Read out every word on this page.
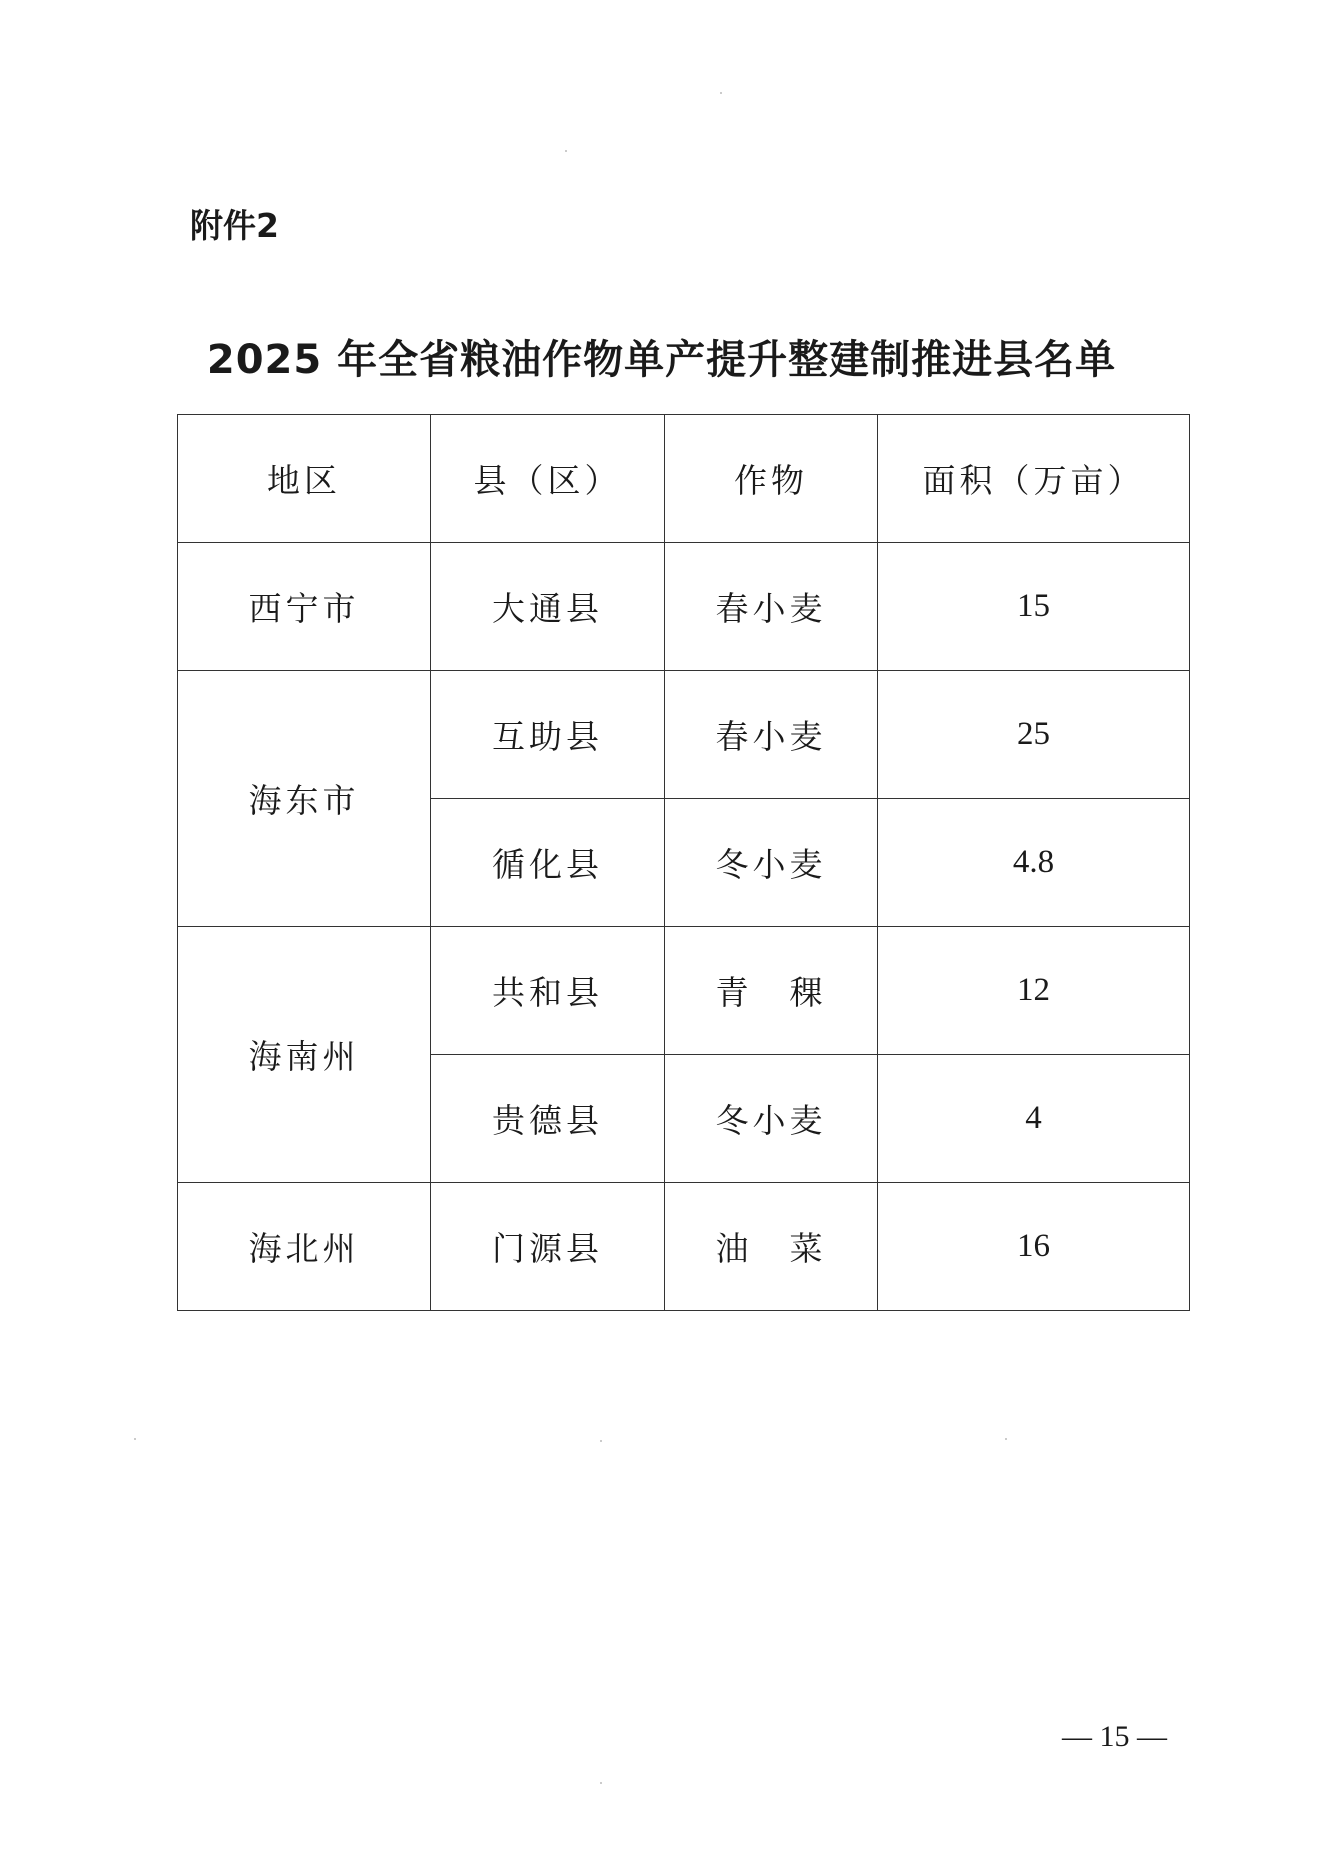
附件2
2025 年全省粮油作物单产提升整建制推进县名单
地区	县（区）	作物	面积（万亩）
西宁市	大通县	春小麦	15
海东市	互助县	春小麦	25
	循化县	冬小麦	4.8
海南州	共和县	青　稞	12
	贵德县	冬小麦	4
海北州	门源县	油　菜	16
— 15 —
